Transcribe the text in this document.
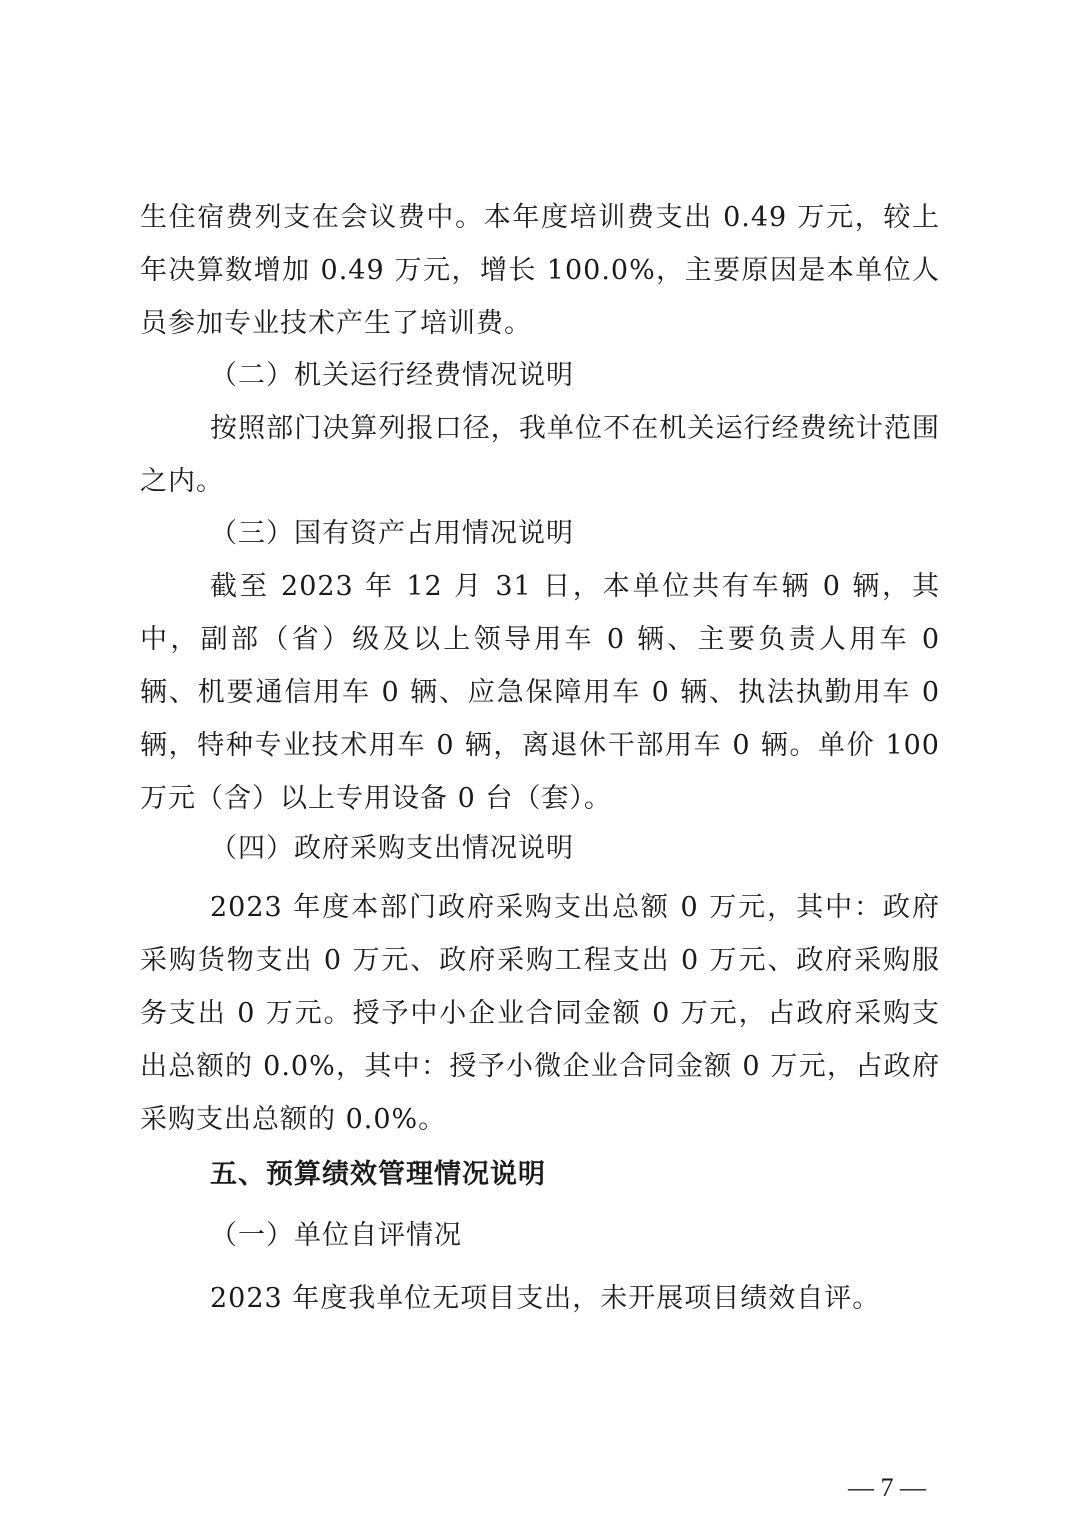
生住宿费列支在会议费中。本年度培训费支出 0.49 万元，较上年决算数增加 0.49 万元，增长 100.0%，主要原因是本单位人员参加专业技术产生了培训费。
（二）机关运行经费情况说明
按照部门决算列报口径，我单位不在机关运行经费统计范围之内。
（三）国有资产占用情况说明
截至 2023 年 12 月 31 日，本单位共有车辆 0 辆，其中，副部（省）级及以上领导用车 0 辆、主要负责人用车 0 辆、机要通信用车 0 辆、应急保障用车 0 辆、执法执勤用车 0 辆，特种专业技术用车 0 辆，离退休干部用车 0 辆。单价 100 万元（含）以上专用设备 0 台（套）。
（四）政府采购支出情况说明
2023 年度本部门政府采购支出总额 0 万元，其中：政府采购货物支出 0 万元、政府采购工程支出 0 万元、政府采购服务支出 0 万元。授予中小企业合同金额 0 万元，占政府采购支出总额的 0.0%，其中：授予小微企业合同金额 0 万元，占政府采购支出总额的 0.0%。
五、预算绩效管理情况说明
（一）单位自评情况
2023 年度我单位无项目支出，未开展项目绩效自评。
— 7 —
